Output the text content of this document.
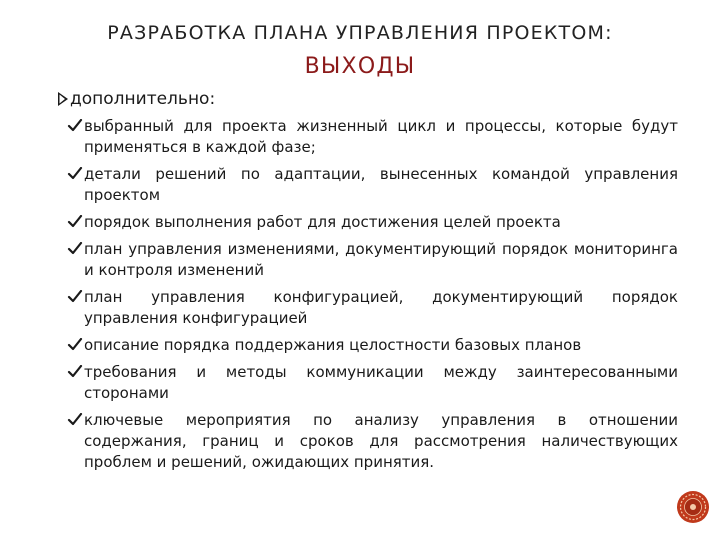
РАЗРАБОТКА ПЛАНА УПРАВЛЕНИЯ ПРОЕКТОМ:
ВЫХОДЫ
дополнительно:
выбранный для проекта жизненный цикл и процессы, которые будут применяться в каждой фазе;
детали решений по адаптации, вынесенных командой управления проектом
порядок выполнения работ для достижения целей проекта
план управления изменениями, документирующий порядок мониторинга и контроля изменений
план управления конфигурацией, документирующий порядок управления конфигурацией
описание порядка поддержания целостности базовых планов
требования и методы коммуникации между заинтересованными сторонами
ключевые мероприятия по анализу управления в отношении содержания, границ и сроков для рассмотрения наличествующих проблем и решений, ожидающих принятия.
